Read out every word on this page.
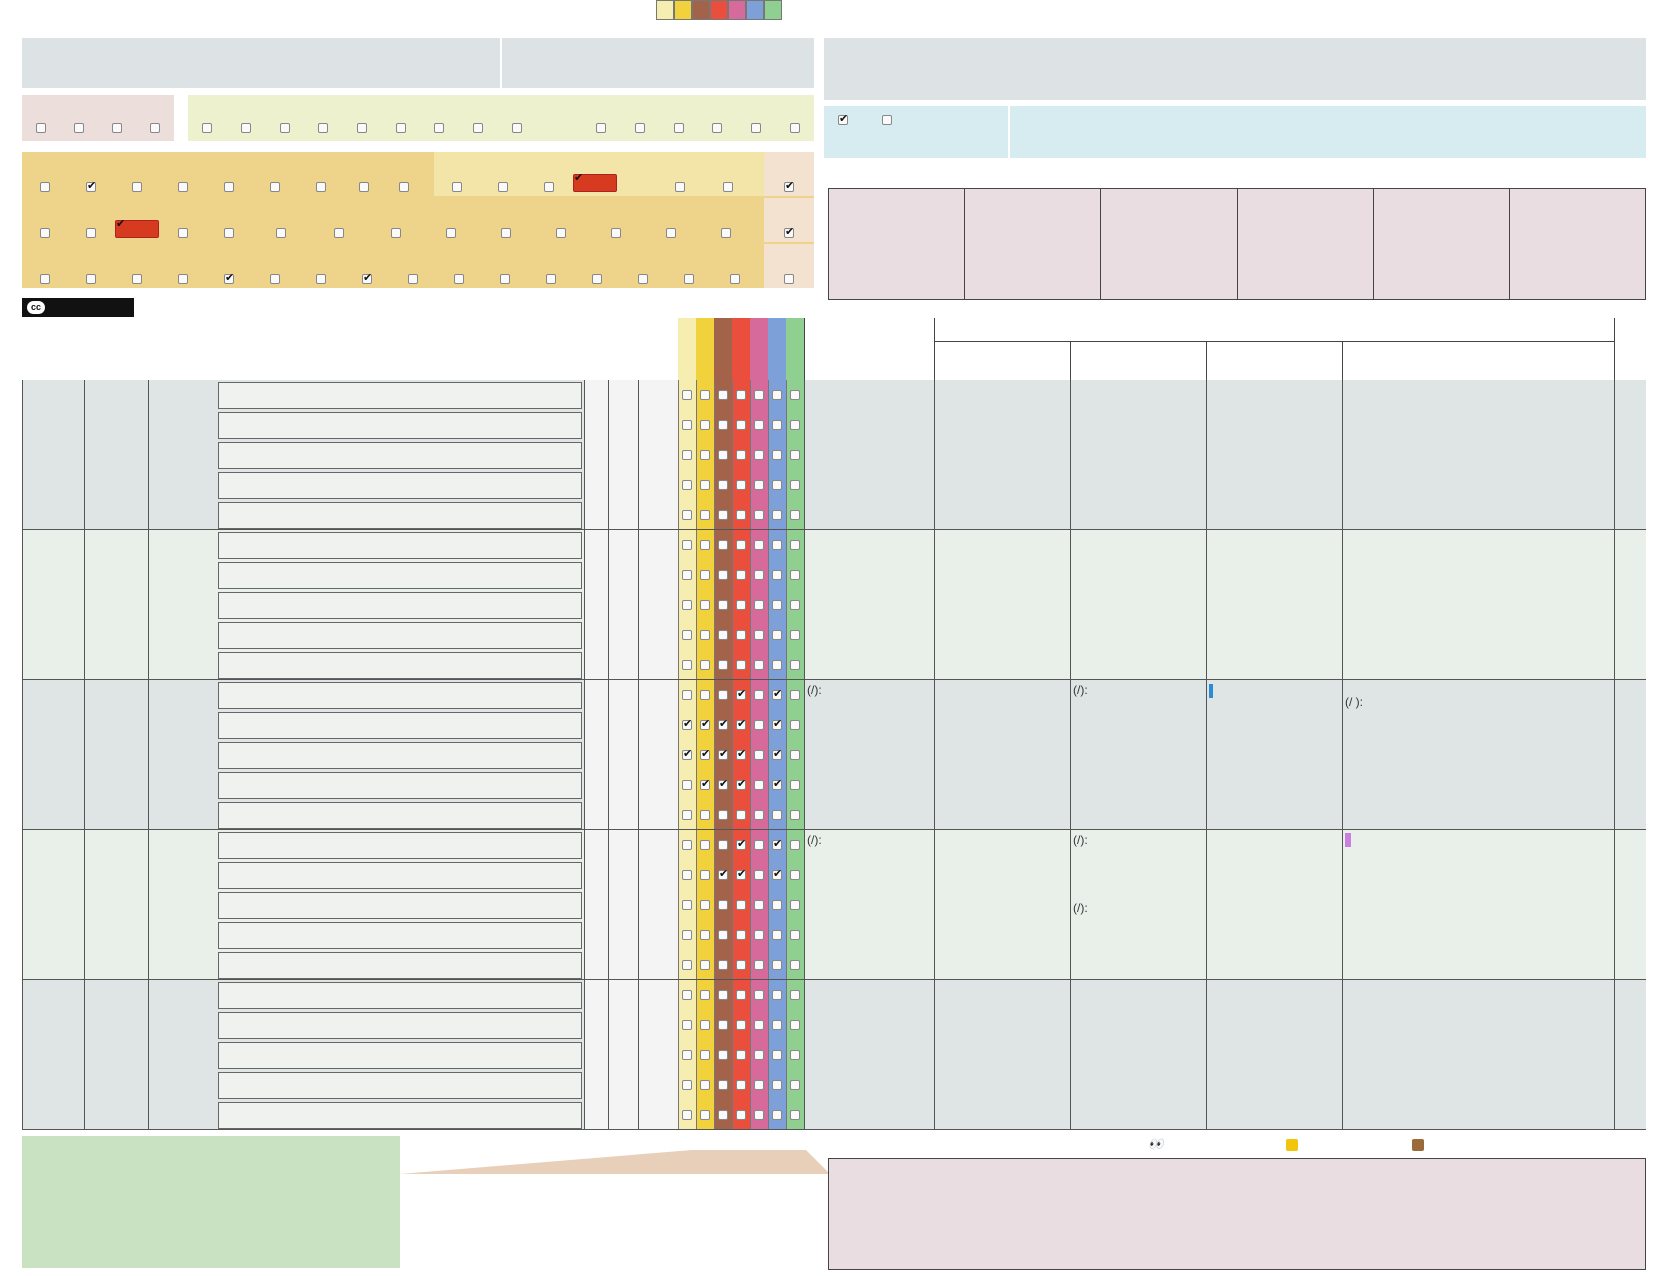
✔
✔
✔
✔
✔
✔
✔
✔
cc
✔
✔
✔
✔
✔
✔
✔
✔
✔
✔
✔
✔
✔
✔
✔
✔
✔
✔
✔
✔
✔
(/):	(/):
(/ ):
(/):	(/):
(/):
👀
